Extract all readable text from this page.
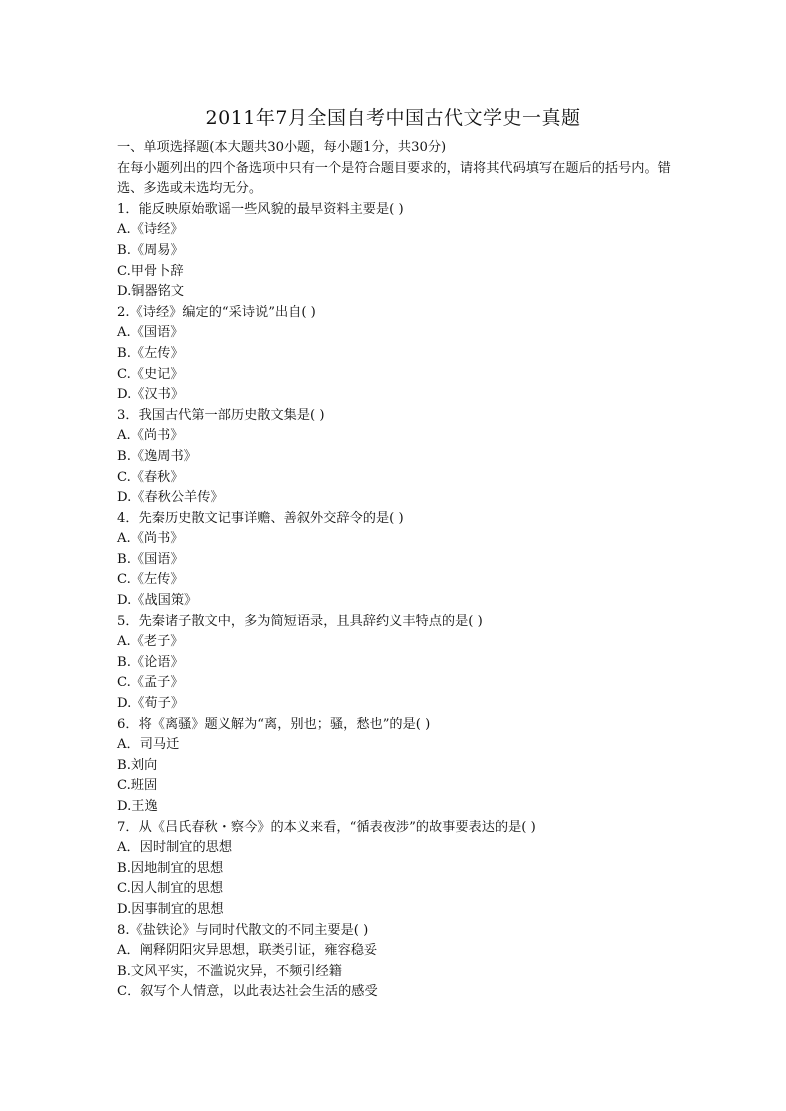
2011年7月全国自考中国古代文学史一真题
一、单项选择题(本大题共30小题，每小题1分，共30分)
在每小题列出的四个备选项中只有一个是符合题目要求的，请将其代码填写在题后的括号内。错选、多选或未选均无分。
1．能反映原始歌谣一些风貌的最早资料主要是( )
A.《诗经》
B.《周易》
C.甲骨卜辞
D.铜器铭文
2.《诗经》编定的“采诗说”出自( )
A.《国语》
B.《左传》
C.《史记》
D.《汉书》
3．我国古代第一部历史散文集是( )
A.《尚书》
B.《逸周书》
C.《春秋》
D.《春秋公羊传》
4．先秦历史散文记事详赡、善叙外交辞令的是( )
A.《尚书》
B.《国语》
C.《左传》
D.《战国策》
5．先秦诸子散文中，多为简短语录，且具辞约义丰特点的是( )
A.《老子》
B.《论语》
C.《孟子》
D.《荀子》
6．将《离骚》题义解为“离，别也；骚，愁也”的是( )
A．司马迁
B.刘向
C.班固
D.王逸
7．从《吕氏春秋・察今》的本义来看，“循表夜涉”的故事要表达的是( )
A．因时制宜的思想
B.因地制宜的思想
C.因人制宜的思想
D.因事制宜的思想
8.《盐铁论》与同时代散文的不同主要是( )
A．阐释阴阳灾异思想，联类引证，雍容稳妥
B.文风平实，不滥说灾异，不频引经籍
C．叙写个人情意，以此表达社会生活的感受
